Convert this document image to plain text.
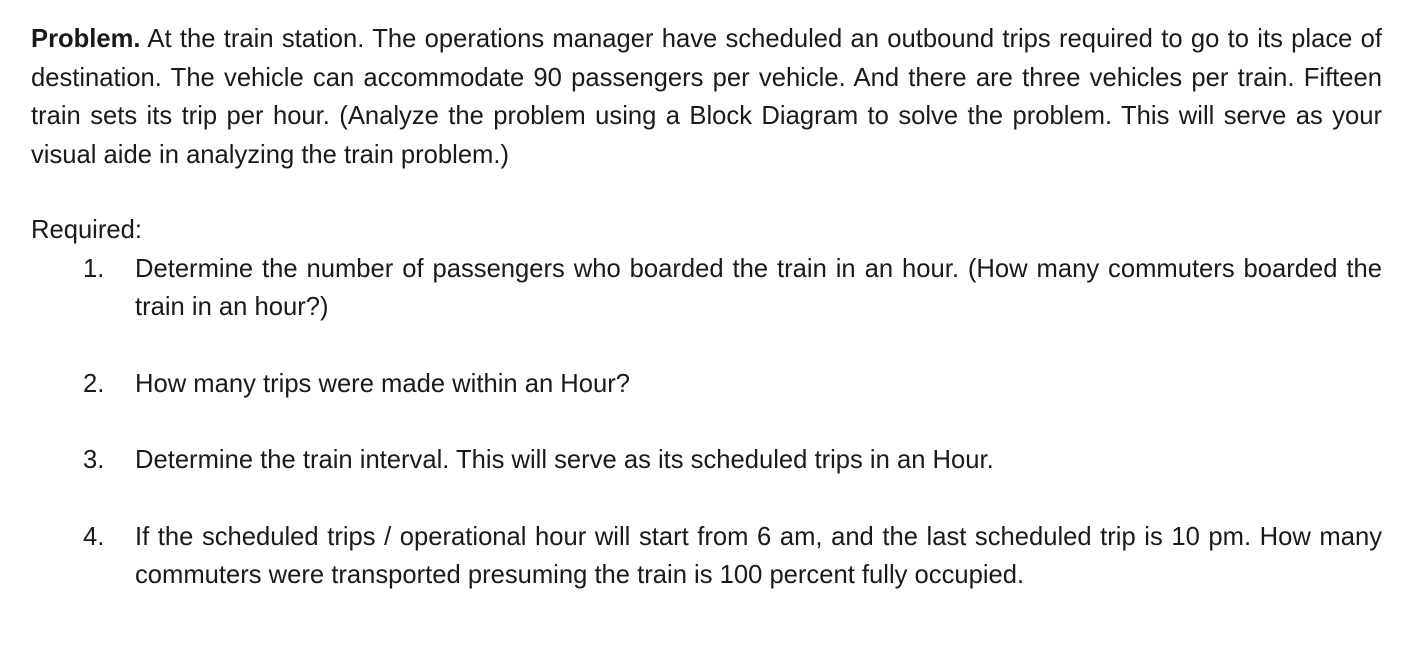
Problem. At the train station. The operations manager have scheduled an outbound trips required to go to its place of destination. The vehicle can accommodate 90 passengers per vehicle. And there are three vehicles per train. Fifteen train sets its trip per hour. (Analyze the problem using a Block Diagram to solve the problem. This will serve as your visual aide in analyzing the train problem.)

Required:
1. Determine the number of passengers who boarded the train in an hour. (How many commuters boarded the train in an hour?)
2. How many trips were made within an Hour?
3. Determine the train interval. This will serve as its scheduled trips in an Hour.
4. If the scheduled trips / operational hour will start from 6 am, and the last scheduled trip is 10 pm. How many commuters were transported presuming the train is 100 percent fully occupied.
